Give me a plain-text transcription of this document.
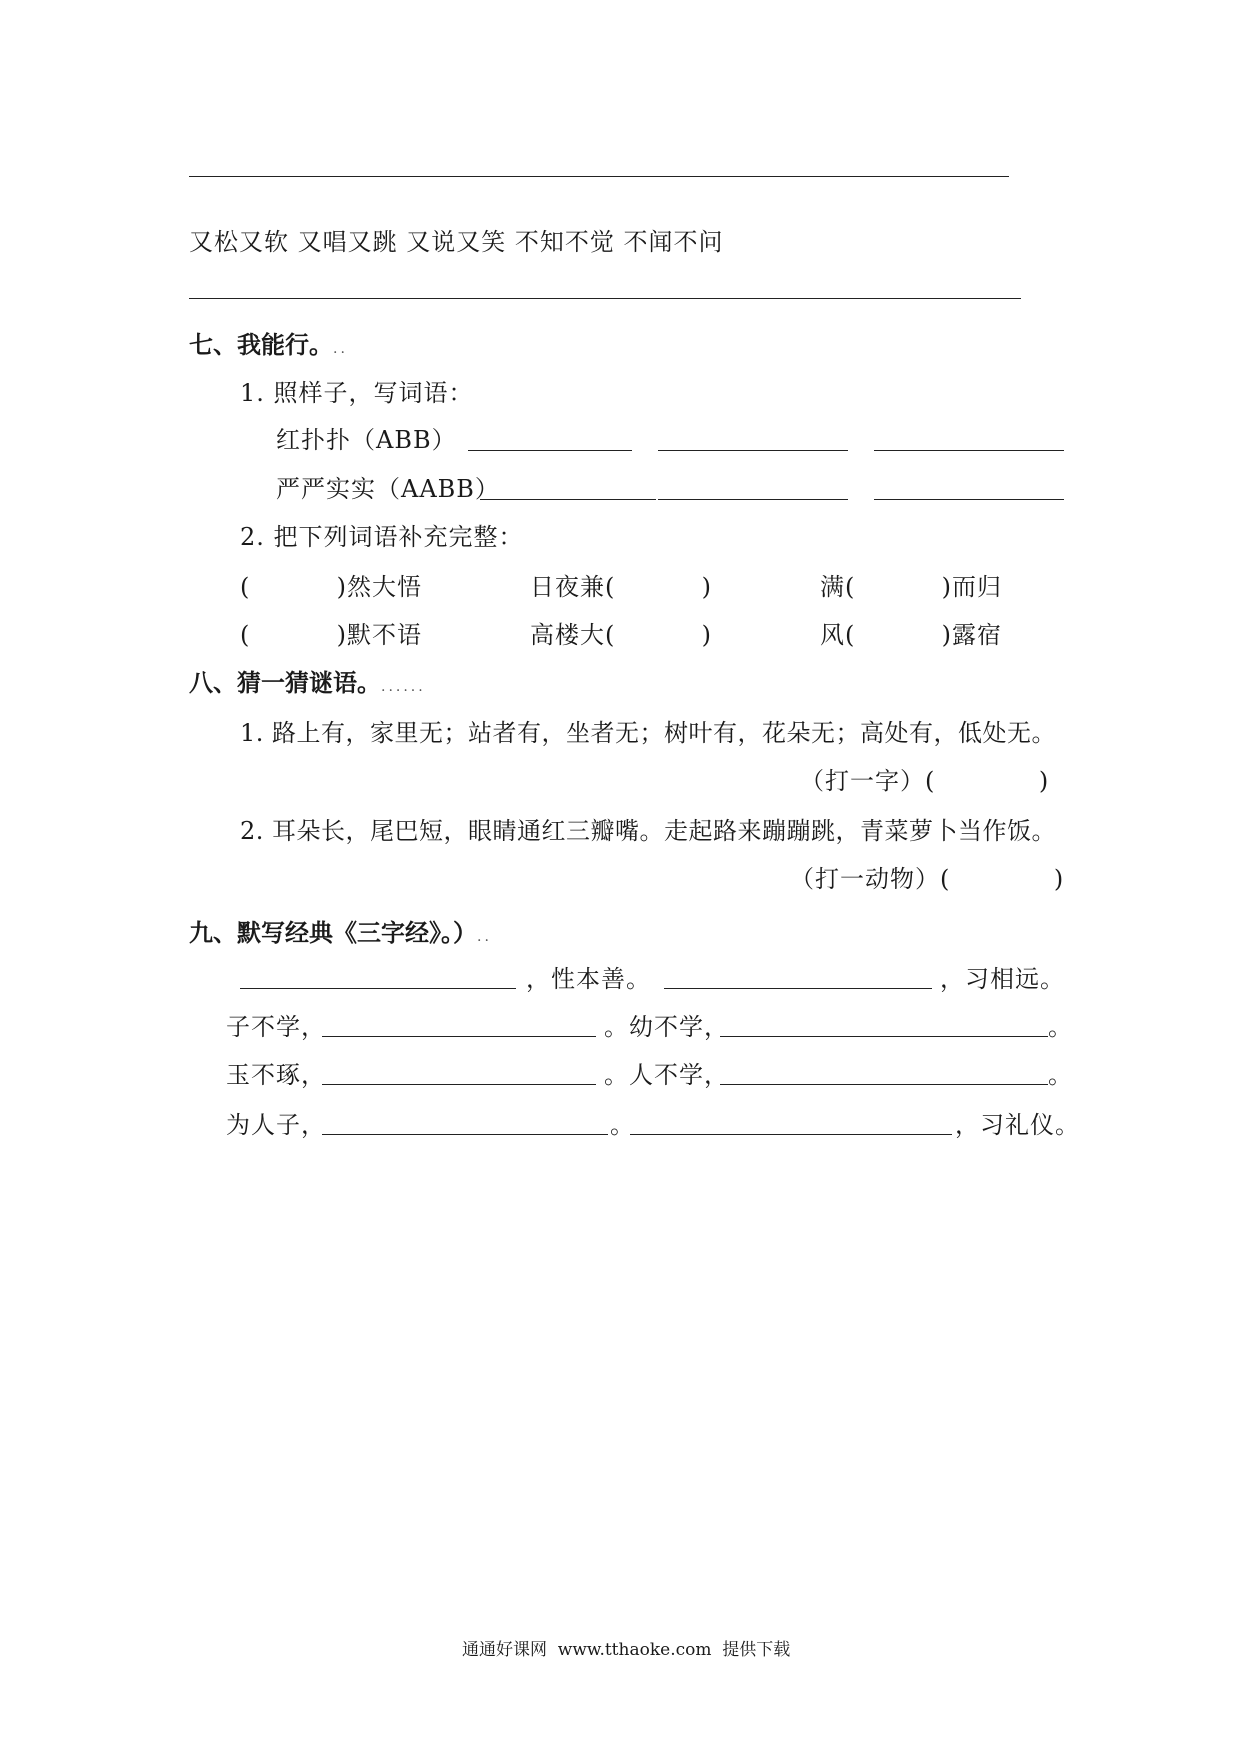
又松又软 又唱又跳 又说又笑 不知不觉 不闻不问
七、我能行。..
1. 照样子，写词语：
红扑扑（ABB）
严严实实（AABB）
2. 把下列词语补充完整：
(          )然大悟	日夜兼(          )	满(          )而归
(          )默不语	高楼大(          )	风(          )露宿
八、猜一猜谜语。......
1. 路上有，家里无；站者有，坐者无；树叶有，花朵无；高处有，低处无。
（打一字）(            )
2. 耳朵长，尾巴短，眼睛通红三瓣嘴。走起路来蹦蹦跳，青菜萝卜当作饭。
（打一动物）(            )
九、默写经典《三字经》。）..
，性本善。	，习相远。
子不学，	。幼不学，	。
玉不琢，	。人不学，	。
为人子，	。	，习礼仪。
通通好课网  www.tthaoke.com  提供下载
